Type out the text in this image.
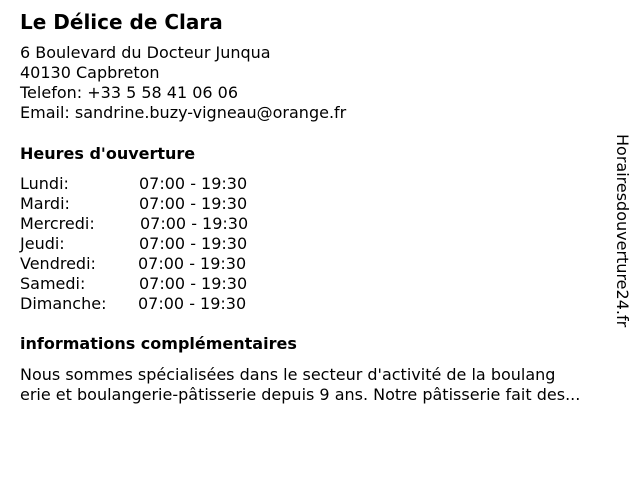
Le Délice de Clara
6 Boulevard du Docteur Junqua
40130 Capbreton
Telefon: +33 5 58 41 06 06
Email: sandrine.buzy-vigneau@orange.fr
Heures d'ouverture
Lundi:	07:00 - 19:30
Mardi:	07:00 - 19:30
Mercredi:	07:00 - 19:30
Jeudi:	07:00 - 19:30
Vendredi:	07:00 - 19:30
Samedi:	07:00 - 19:30
Dimanche:	07:00 - 19:30
informations complémentaires
Nous sommes spécialisées dans le secteur d'activité de la boulang
erie et boulangerie-pâtisserie depuis 9 ans. Notre pâtisserie fait des...
Horairesdouverture24.fr
